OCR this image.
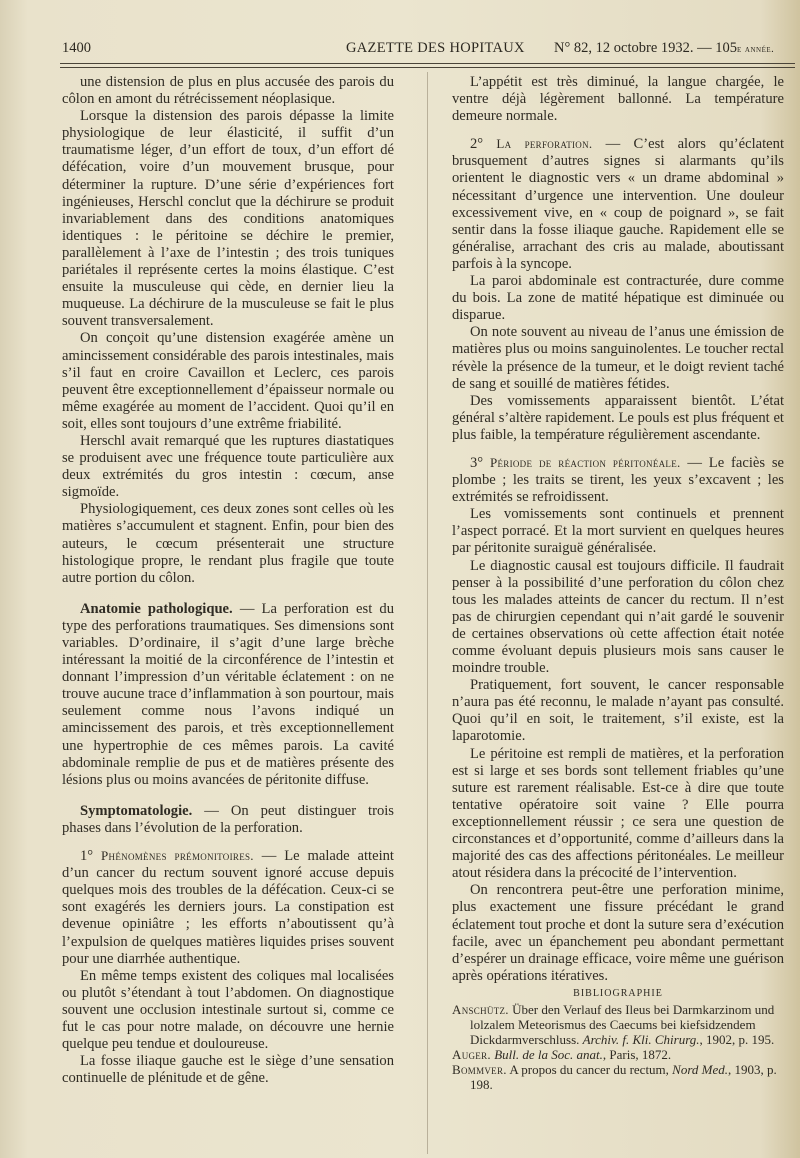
1400	GAZETTE DES HOPITAUX N° 82, 12 octobre 1932. — 105e année.

une distension de plus en plus accusée des parois du côlon en amont du rétrécissement néoplasique.

Lorsque la distension des parois dépasse la limite physiologique de leur élasticité, il suffit d’un traumatisme léger, d’un effort de toux, d’un effort dé défécation, voire d’un mouvement brusque, pour déterminer la rupture. D’une série d’expériences fort ingénieuses, Herschl conclut que la déchirure se produit invariablement dans des conditions anatomiques identiques : le péritoine se déchire le premier, parallèlement à l’axe de l’intestin ; des trois tuniques pariétales il représente certes la moins élastique. C’est ensuite la musculeuse qui cède, en dernier lieu la muqueuse. La déchirure de la musculeuse se fait le plus souvent transversalement.

On conçoit qu’une distension exagérée amène un amincissement considérable des parois intestinales, mais s’il faut en croire Cavaillon et Leclerc, ces parois peuvent être exceptionnellement d’épaisseur normale ou même exagérée au moment de l’accident. Quoi qu’il en soit, elles sont toujours d’une extrême friabilité.

Herschl avait remarqué que les ruptures diastatiques se produisent avec une fréquence toute particulière aux deux extrémités du gros intestin : cœcum, anse sigmoïde.

Physiologiquement, ces deux zones sont celles où les matières s’accumulent et stagnent. Enfin, pour bien des auteurs, le cœcum présenterait une structure histologique propre, le rendant plus fragile que toute autre portion du côlon.

Anatomie pathologique. — La perforation est du type des perforations traumatiques. Ses dimensions sont variables. D’ordinaire, il s’agit d’une large brèche intéressant la moitié de la circonférence de l’intestin et donnant l’impression d’un véritable éclatement : on ne trouve aucune trace d’inflammation à son pourtour, mais seulement comme nous l’avons indiqué un amincissement des parois, et très exceptionnellement une hypertrophie de ces mêmes parois. La cavité abdominale remplie de pus et de matières présente des lésions plus ou moins avancées de péritonite diffuse.

Symptomatologie. — On peut distinguer trois phases dans l’évolution de la perforation.

1° Phénomènes prémonitoires. — Le malade atteint d’un cancer du rectum souvent ignoré accuse depuis quelques mois des troubles de la défécation. Ceux-ci se sont exagérés les derniers jours. La constipation est devenue opiniâtre ; les efforts n’aboutissent qu’à l’expulsion de quelques matières liquides prises souvent pour une diarrhée authentique.

En même temps existent des coliques mal localisées ou plutôt s’étendant à tout l’abdomen. On diagnostique souvent une occlusion intestinale surtout si, comme ce fut le cas pour notre malade, on découvre une hernie quelque peu tendue et douloureuse.

La fosse iliaque gauche est le siège d’une sensation continuelle de plénitude et de gêne.

L’appétit est très diminué, la langue chargée, le ventre déjà légèrement ballonné. La température demeure normale.

2° La perforation. — C’est alors qu’éclatent brusquement d’autres signes si alarmants qu’ils orientent le diagnostic vers « un drame abdominal » nécessitant d’urgence une intervention. Une douleur excessivement vive, en « coup de poignard », se fait sentir dans la fosse iliaque gauche. Rapidement elle se généralise, arrachant des cris au malade, aboutissant parfois à la syncope.

La paroi abdominale est contracturée, dure comme du bois. La zone de matité hépatique est diminuée ou disparue.

On note souvent au niveau de l’anus une émission de matières plus ou moins sanguinolentes. Le toucher rectal révèle la présence de la tumeur, et le doigt revient taché de sang et souillé de matières fétides.

Des vomissements apparaissent bientôt. L’état général s’altère rapidement. Le pouls est plus fréquent et plus faible, la température régulièrement ascendante.

3° Période de réaction péritonéale. — Le faciès se plombe ; les traits se tirent, les yeux s’excavent ; les extrémités se refroidissent.

Les vomissements sont continuels et prennent l’aspect porracé. Et la mort survient en quelques heures par péritonite suraiguë généralisée.

Le diagnostic causal est toujours difficile. Il faudrait penser à la possibilité d’une perforation du côlon chez tous les malades atteints de cancer du rectum. Il n’est pas de chirurgien cependant qui n’ait gardé le souvenir de certaines observations où cette affection était notée comme évoluant depuis plusieurs mois sans causer le moindre trouble.

Pratiquement, fort souvent, le cancer responsable n’aura pas été reconnu, le malade n’ayant pas consulté. Quoi qu’il en soit, le traitement, s’il existe, est la laparotomie.

Le péritoine est rempli de matières, et la perforation est si large et ses bords sont tellement friables qu’une suture est rarement réalisable. Est-ce à dire que toute tentative opératoire soit vaine ? Elle pourra exceptionnellement réussir ; ce sera une question de circonstances et d’opportunité, comme d’ailleurs dans la majorité des cas des affections péritonéales. Le meilleur atout résidera dans la précocité de l’intervention.

On rencontrera peut-être une perforation minime, plus exactement une fissure précédant le grand éclatement tout proche et dont la suture sera d’exécution facile, avec un épanchement peu abondant permettant d’espérer un drainage efficace, voire même une guérison après opérations itératives.

BIBLIOGRAPHIE

Anschütz. Über den Verlauf des Ileus bei Darmkarzinom und lolzalem Meteorismus des Caecums bei kiefsidzendem Dickdarmverschluss. Archiv. f. Kli. Chirurg., 1902, p. 195.

Auger. Bull. de la Soc. anat., Paris, 1872.

Bommver. A propos du cancer du rectum, Nord Med., 1903, p. 198.
